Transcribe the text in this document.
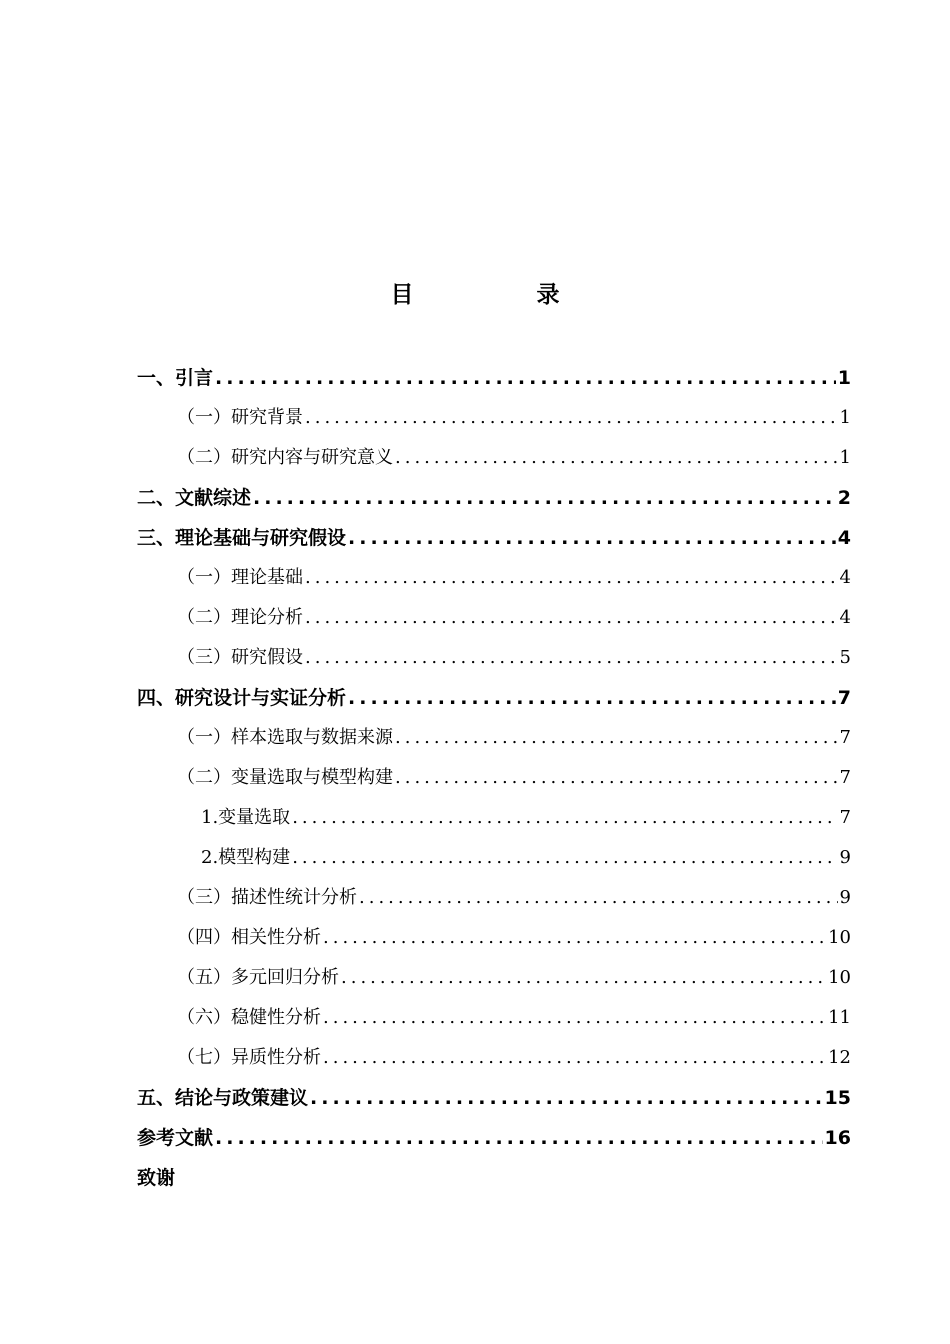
目　录
一、引言 .....	1
（一）研究背景 .....	1
（二）研究内容与研究意义 .....	1
二、文献综述 .....	2
三、理论基础与研究假设 .....	4
（一）理论基础 .....	4
（二）理论分析 .....	4
（三）研究假设 .....	5
四、研究设计与实证分析 .....	7
（一）样本选取与数据来源 .....	7
（二）变量选取与模型构建 .....	7
1.变量选取 .....	7
2.模型构建 .....	9
（三）描述性统计分析 .....	9
（四）相关性分析 .....	10
（五）多元回归分析 .....	10
（六）稳健性分析 .....	11
（七）异质性分析 .....	12
五、结论与政策建议 .....	15
参考文献 .....	16
致谢
